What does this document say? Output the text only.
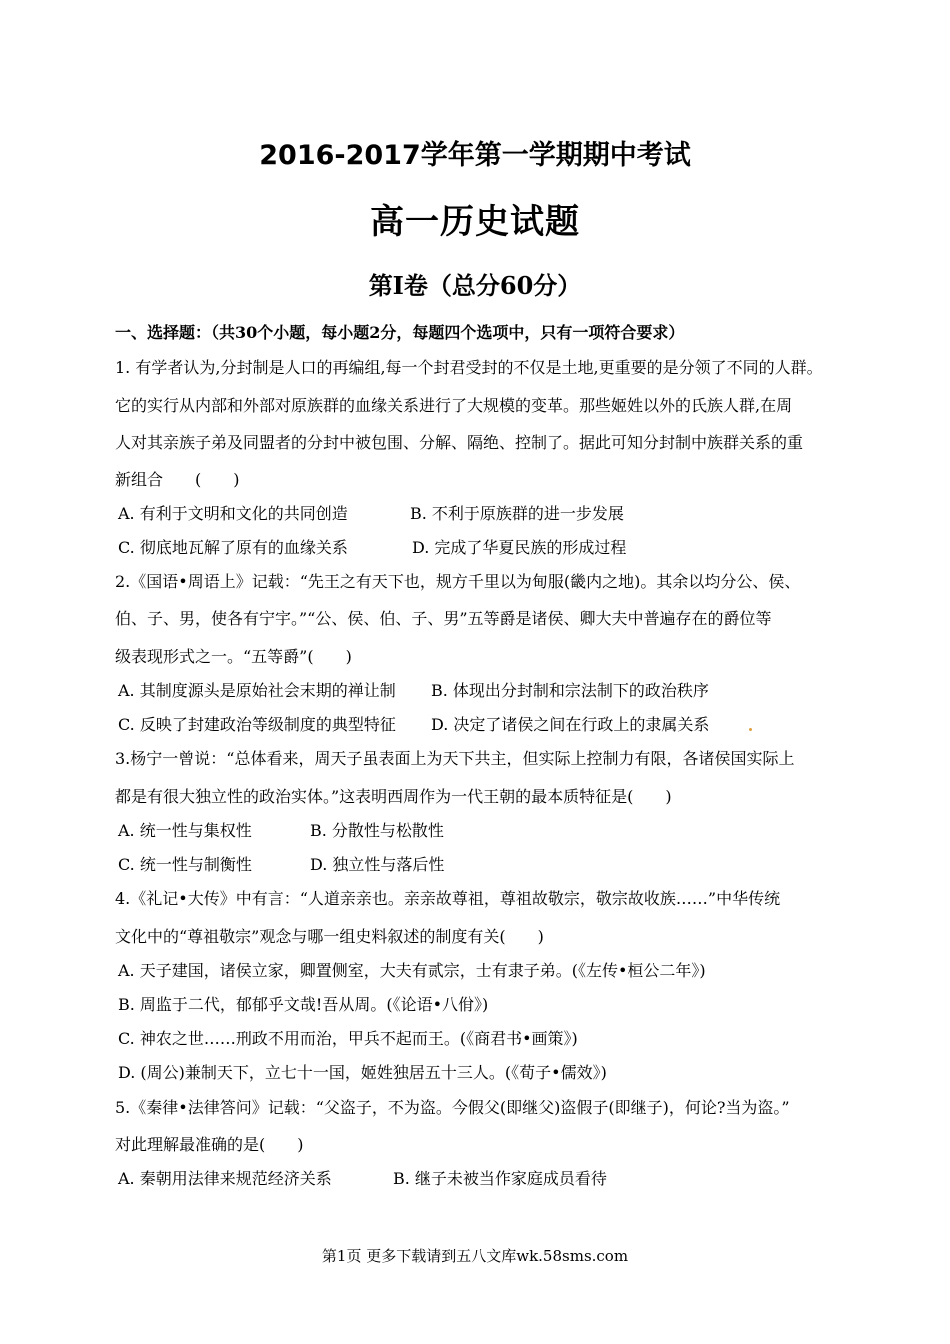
2016-2017学年第一学期期中考试
高一历史试题
第I卷（总分60分）
一、选择题：（共30个小题，每小题2分，每题四个选项中，只有一项符合要求）
1. 有学者认为,分封制是人口的再编组,每一个封君受封的不仅是土地,更重要的是分领了不同的人群。
它的实行从内部和外部对原族群的血缘关系进行了大规模的变革。那些姬姓以外的氏族人群,在周
人对其亲族子弟及同盟者的分封中被包围、分解、隔绝、控制了。据此可知分封制中族群关系的重
新组合　　(　　)
A. 有利于文明和文化的共同创造	B. 不利于原族群的进一步发展
C. 彻底地瓦解了原有的血缘关系	D. 完成了华夏民族的形成过程
2.《国语•周语上》记载：“先王之有天下也，规方千里以为甸服(畿内之地)。其余以均分公、侯、
伯、子、男，使各有宁宇。”“公、侯、伯、子、男”五等爵是诸侯、卿大夫中普遍存在的爵位等
级表现形式之一。“五等爵”(　　)
A. 其制度源头是原始社会末期的禅让制 B. 体现出分封制和宗法制下的政治秩序
C. 反映了封建政治等级制度的典型特征 D. 决定了诸侯之间在行政上的隶属关系
3.杨宁一曾说：“总体看来，周天子虽表面上为天下共主，但实际上控制力有限，各诸侯国实际上
都是有很大独立性的政治实体。”这表明西周作为一代王朝的最本质特征是(　　)
A. 统一性与集权性	B. 分散性与松散性
C. 统一性与制衡性	D. 独立性与落后性
4.《礼记•大传》中有言：“人道亲亲也。亲亲故尊祖，尊祖故敬宗，敬宗故收族……”中华传统
文化中的“尊祖敬宗”观念与哪一组史料叙述的制度有关(　　)
A. 天子建国，诸侯立家，卿置侧室，大夫有贰宗，士有隶子弟。(《左传•桓公二年》)
B. 周监于二代，郁郁乎文哉!吾从周。(《论语•八佾》)
C. 神农之世……刑政不用而治，甲兵不起而王。(《商君书•画策》)
D. (周公)兼制天下，立七十一国，姬姓独居五十三人。(《荀子•儒效》)
5.《秦律•法律答问》记载：“父盗子，不为盗。今假父(即继父)盗假子(即继子)，何论?当为盗。”
对此理解最准确的是(　　)
A. 秦朝用法律来规范经济关系	B. 继子未被当作家庭成员看待
第1页 更多下载请到五八文库wk.58sms.com
